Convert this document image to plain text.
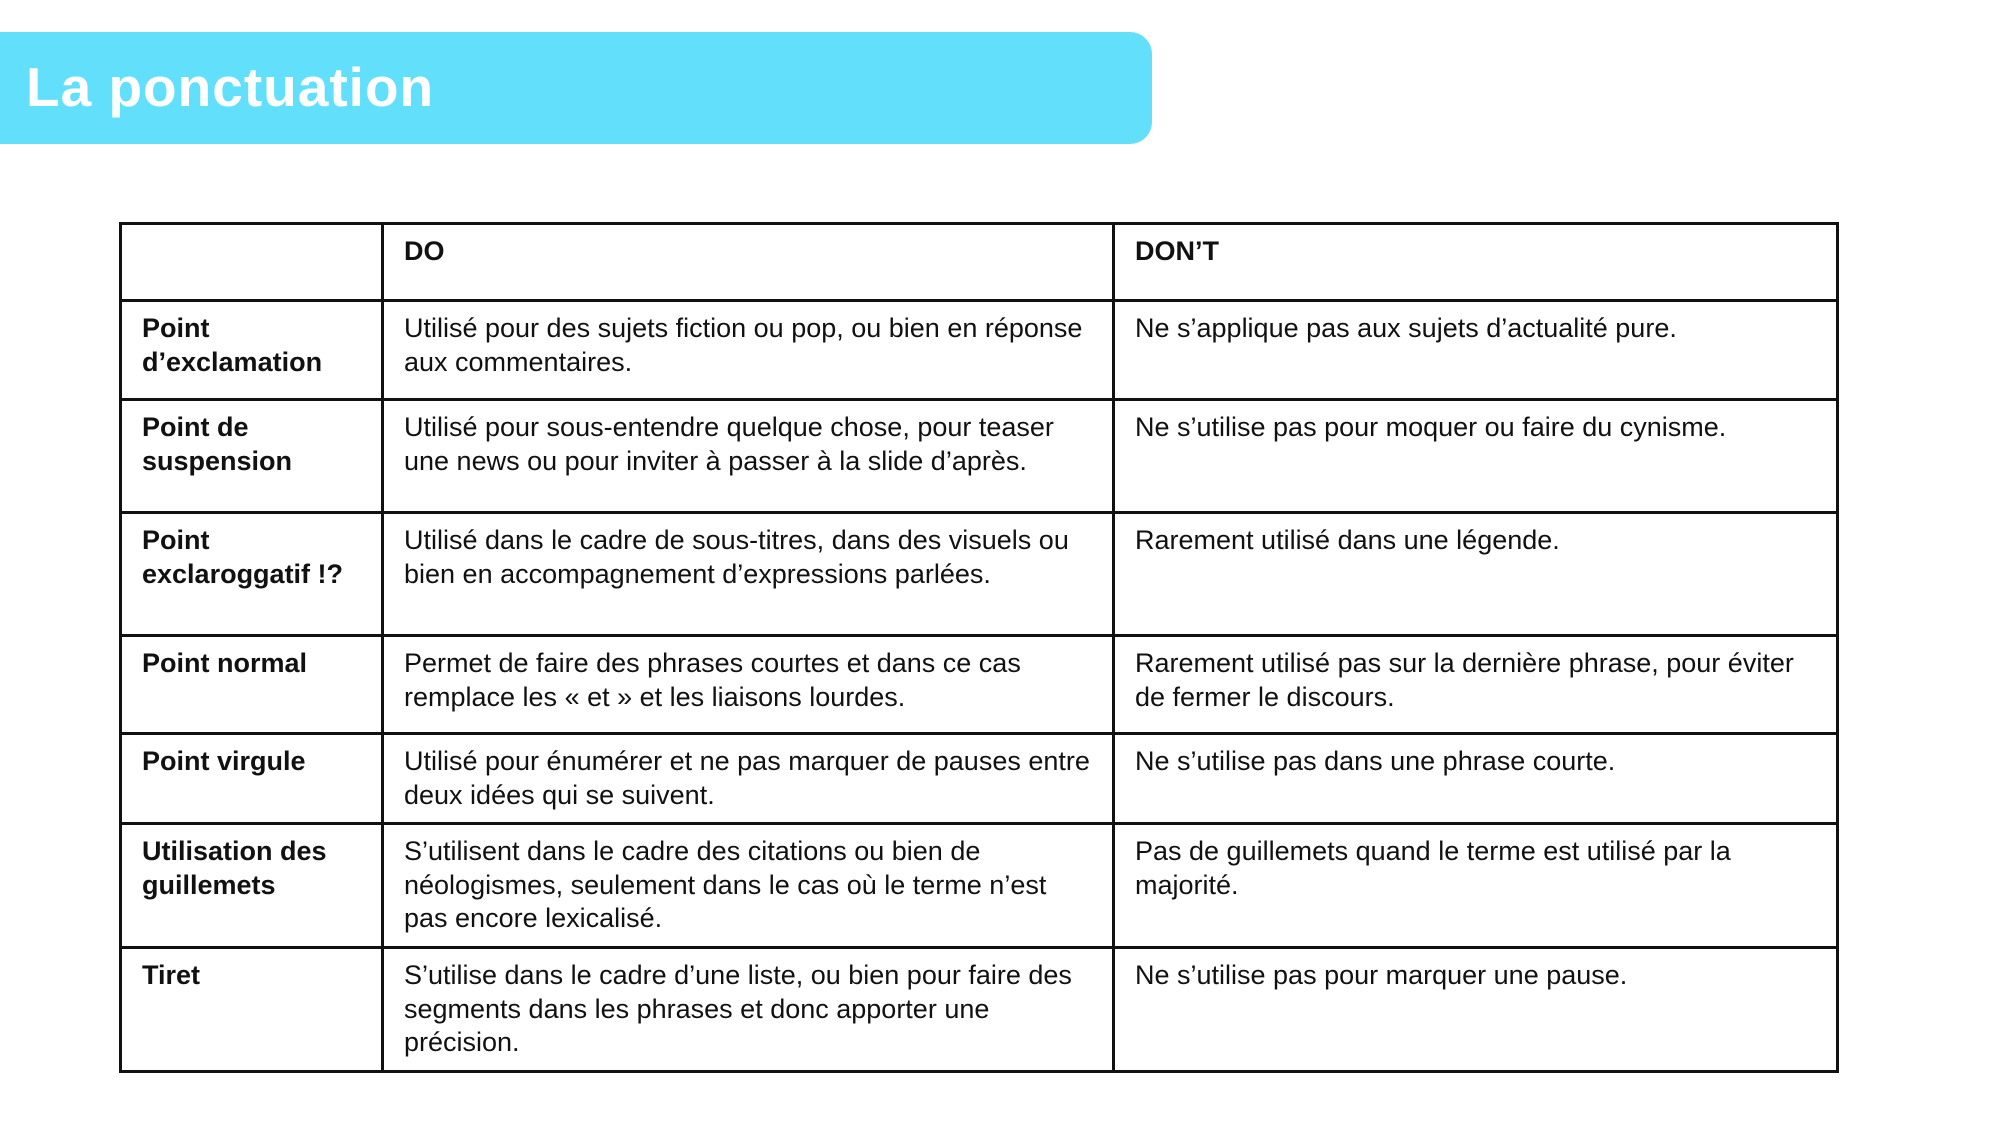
La ponctuation
	DO	DON’T
Point d’exclamation	Utilisé pour des sujets fiction ou pop, ou bien en réponse aux commentaires.	Ne s’applique pas aux sujets d’actualité pure.
Point de suspension	Utilisé pour sous-entendre quelque chose, pour teaser une news ou pour inviter à passer à la slide d’après.	Ne s’utilise pas pour moquer ou faire du cynisme.
Point exclaroggatif !?	Utilisé dans le cadre de sous-titres, dans des visuels ou bien en accompagnement d’expressions parlées.	Rarement utilisé dans une légende.
Point normal	Permet de faire des phrases courtes et dans ce cas remplace les « et » et les liaisons lourdes.	Rarement utilisé pas sur la dernière phrase, pour éviter de fermer le discours.
Point virgule	Utilisé pour énumérer et ne pas marquer de pauses entre deux idées qui se suivent.	Ne s’utilise pas dans une phrase courte.
Utilisation des guillemets	S’utilisent dans le cadre des citations ou bien de néologismes, seulement dans le cas où le terme n’est pas encore lexicalisé.	Pas de guillemets quand le terme est utilisé par la majorité.
Tiret	S’utilise dans le cadre d’une liste, ou bien pour faire des segments dans les phrases et donc apporter une précision.	Ne s’utilise pas pour marquer une pause.
